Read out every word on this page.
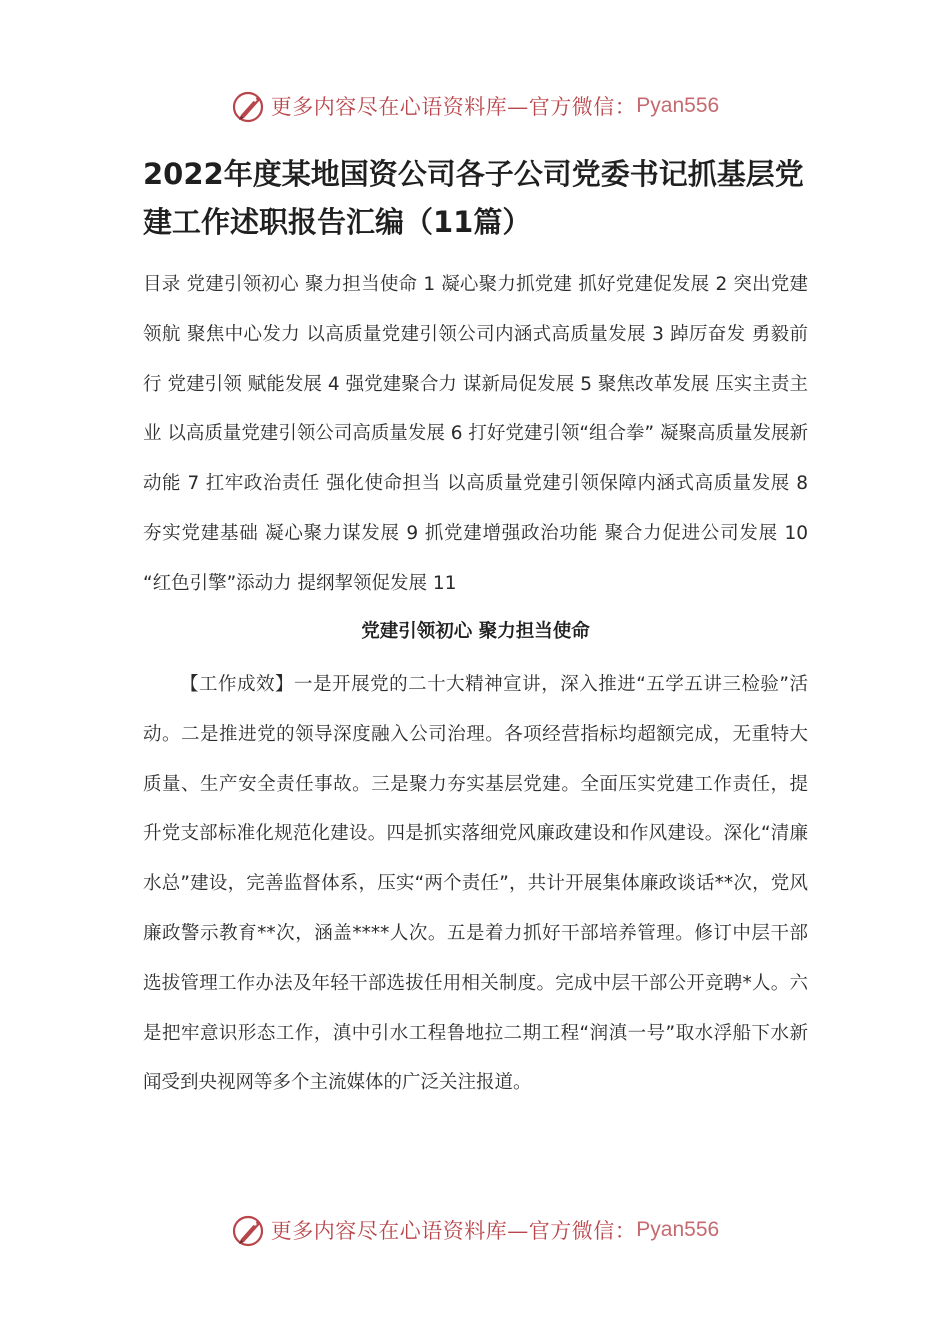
更多内容尽在心语资料库—官方微信： Pyan556
2022年度某地国资公司各子公司党委书记抓基层党建工作述职报告汇编（11篇）

目录 党建引领初心 聚力担当使命 1 凝心聚力抓党建 抓好党建促发展 2 突出党建领航 聚焦中心发力 以高质量党建引领公司内涵式高质量发展 3 踔厉奋发 勇毅前行 党建引领 赋能发展 4 强党建聚合力 谋新局促发展 5 聚焦改革发展 压实主责主业 以高质量党建引领公司高质量发展 6 打好党建引领“组合拳” 凝聚高质量发展新动能 7 扛牢政治责任 强化使命担当 以高质量党建引领保障内涵式高质量发展 8 夯实党建基础 凝心聚力谋发展 9 抓党建增强政治功能 聚合力促进公司发展 10 “红色引擎”添动力 提纲挈领促发展 11

党建引领初心 聚力担当使命

【工作成效】一是开展党的二十大精神宣讲，深入推进“五学五讲三检验”活动。二是推进党的领导深度融入公司治理。各项经营指标均超额完成，无重特大质量、生产安全责任事故。三是聚力夯实基层党建。全面压实党建工作责任，提升党支部标准化规范化建设。四是抓实落细党风廉政建设和作风建设。深化“清廉水总”建设，完善监督体系，压实“两个责任”，共计开展集体廉政谈话**次，党风廉政警示教育**次，涵盖****人次。五是着力抓好干部培养管理。修订中层干部选拔管理工作办法及年轻干部选拔任用相关制度。完成中层干部公开竞聘*人。六是把牢意识形态工作，滇中引水工程鲁地拉二期工程“润滇一号”取水浮船下水新闻受到央视网等多个主流媒体的广泛关注报道。

更多内容尽在心语资料库—官方微信： Pyan556
